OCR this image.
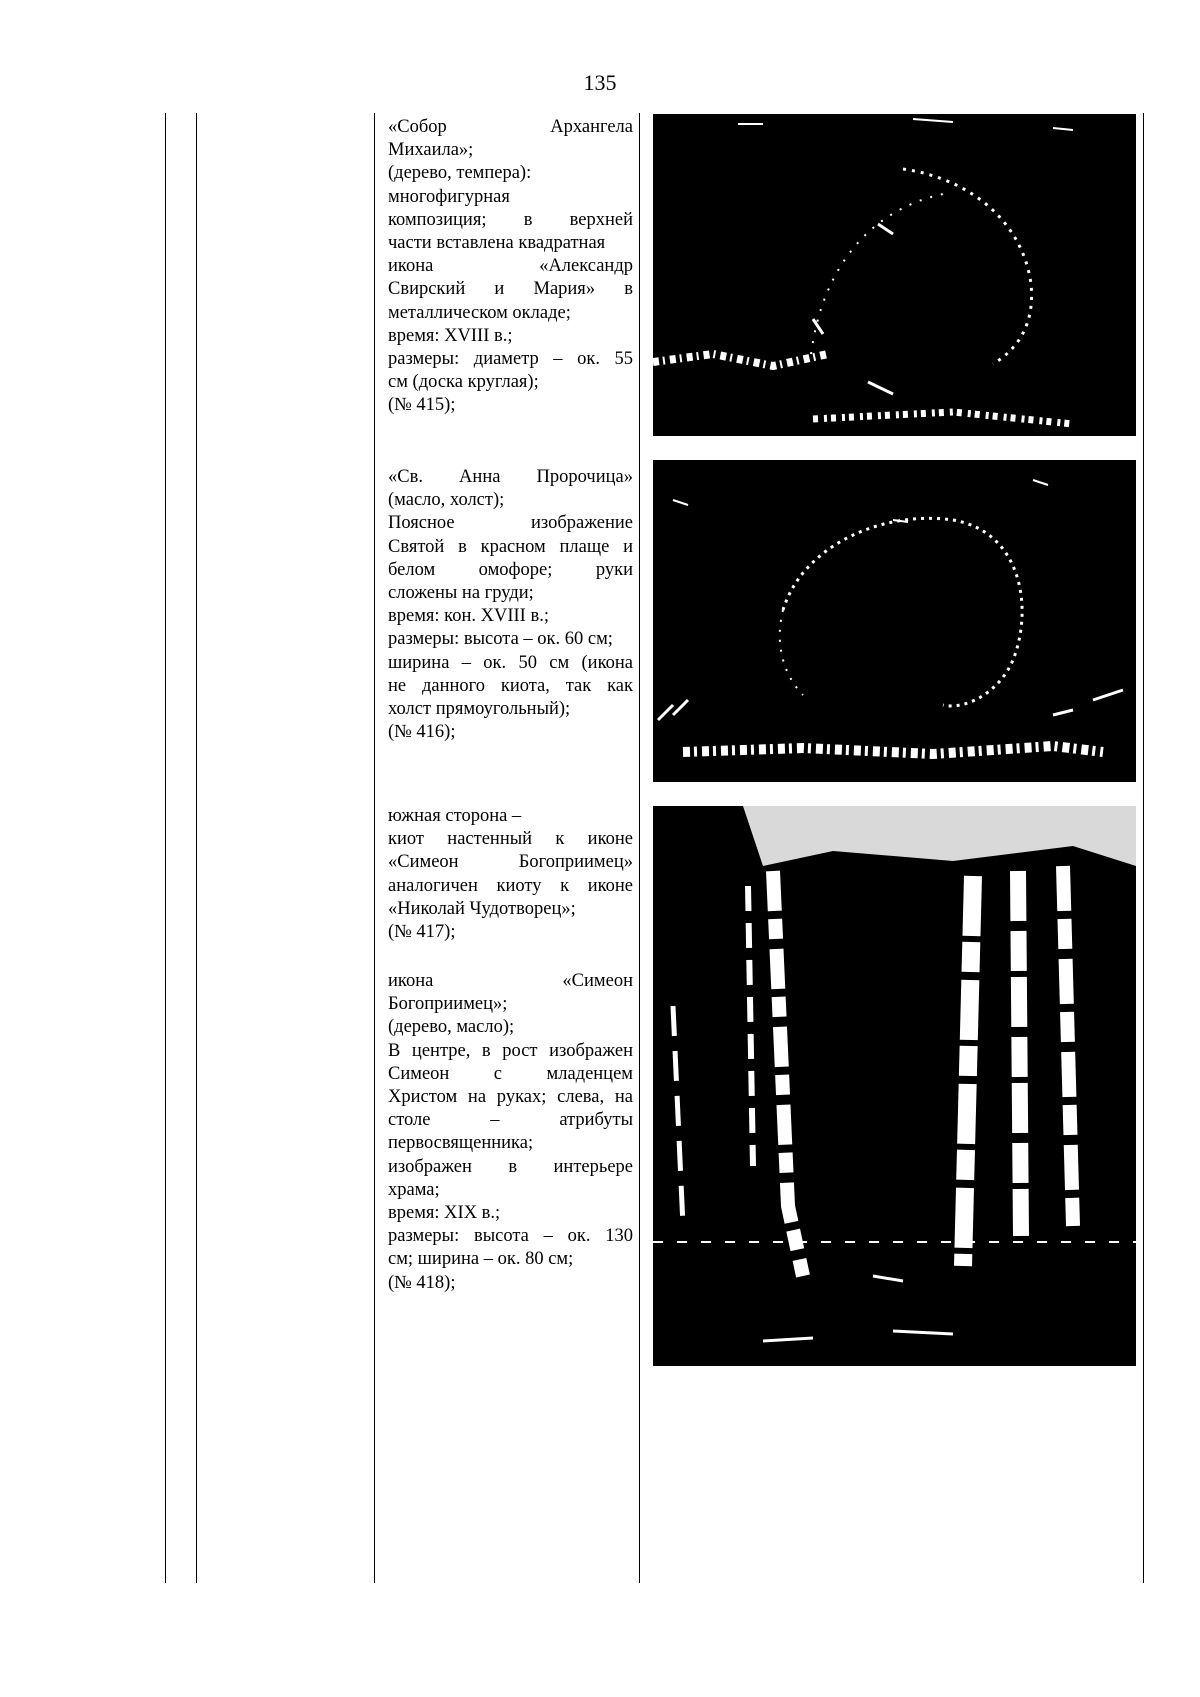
135
«Собор Архангела
Михаила»;
(дерево, темпера):
многофигурная
композиция; в верхней
части вставлена квадратная
икона «Александр
Свирский и Мария» в
металлическом окладе;
время: XVIII в.;
размеры: диаметр – ок. 55
см (доска круглая);
(№ 415);
«Св. Анна Пророчица»
(масло, холст);
Поясное изображение
Святой в красном плаще и
белом омофоре; руки
сложены на груди;
время: кон. XVIII в.;
размеры: высота – ок. 60 см;
ширина – ок. 50 см (икона
не данного киота, так как
холст прямоугольный);
(№ 416);
южная сторона –
киот настенный к иконе
«Симеон Богоприимец»
аналогичен киоту к иконе
«Николай Чудотворец»;
(№ 417);
икона «Симеон
Богоприимец»;
(дерево, масло);
В центре, в рост изображен
Симеон с младенцем
Христом на руках; слева, на
столе – атрибуты
первосвященника;
изображен в интерьере
храма;
время: XIX в.;
размеры: высота – ок. 130
см; ширина – ок. 80 см;
(№ 418);
